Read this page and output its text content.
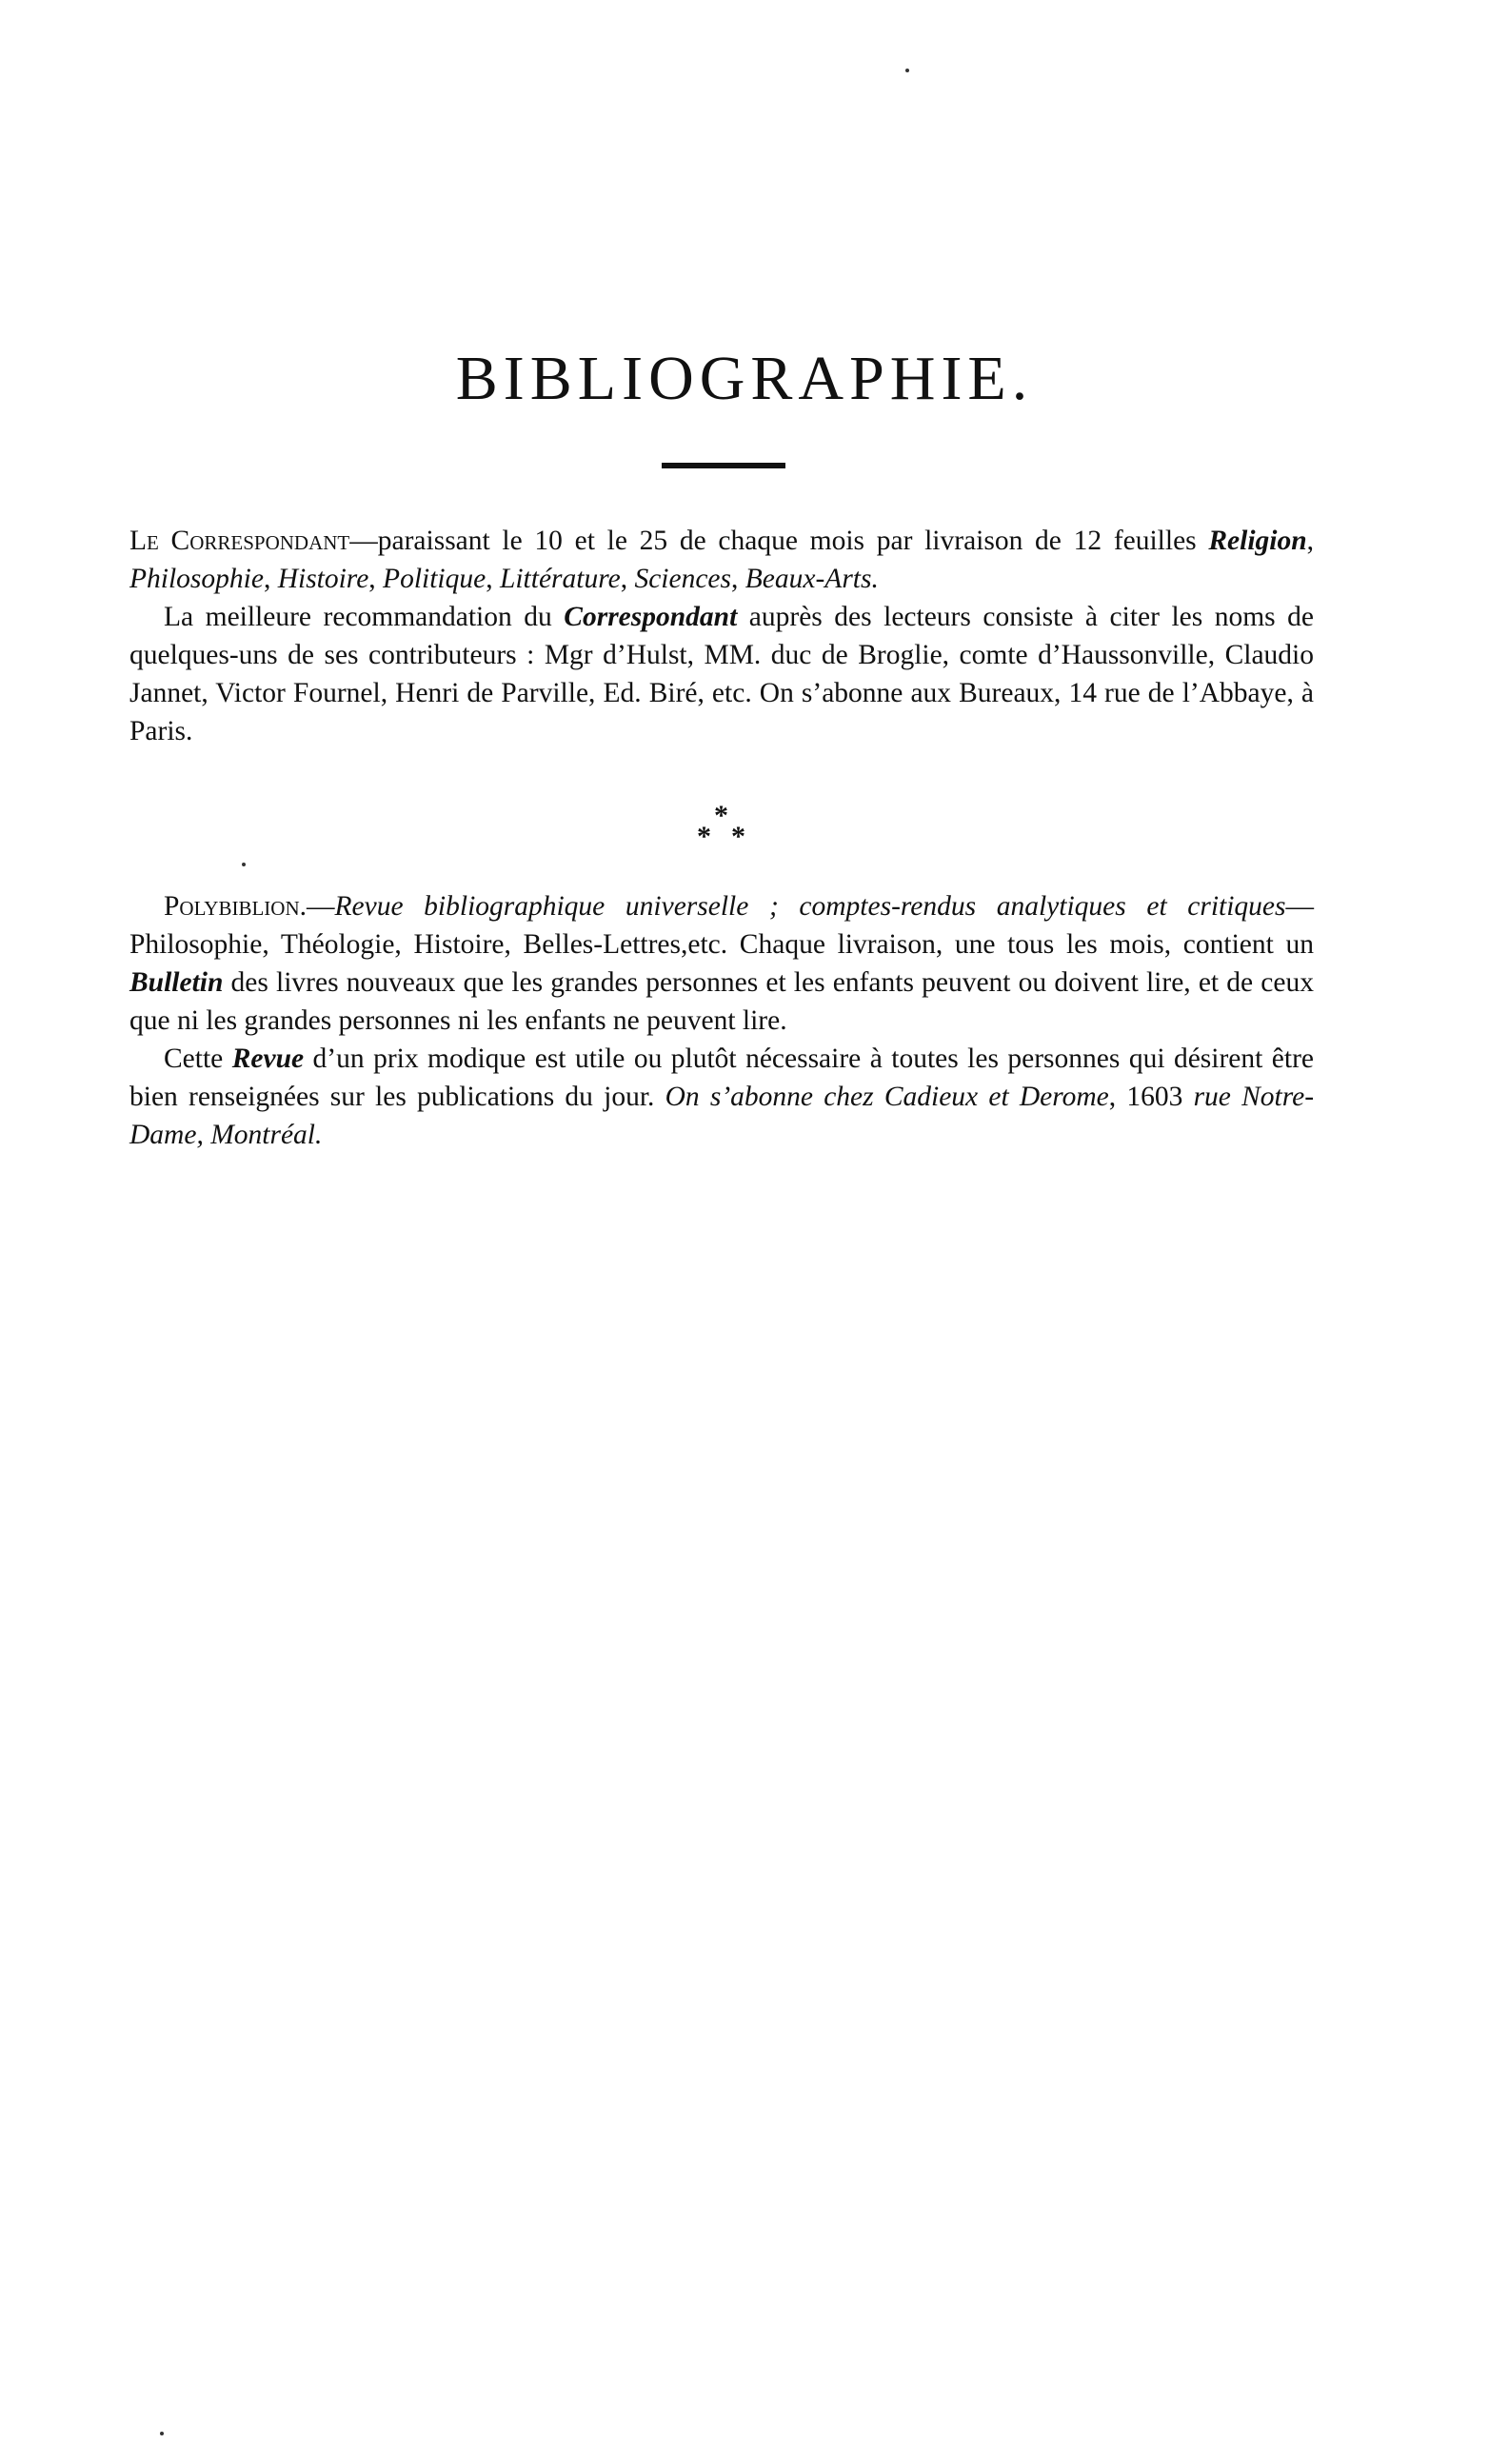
BIBLIOGRAPHIE.

Le Correspondant—paraissant le 10 et le 25 de chaque mois par livraison de 12 feuilles Religion, Philosophie, Histoire, Politique, Littérature, Sciences, Beaux-Arts.

La meilleure recommandation du Correspondant auprès des lecteurs consiste à citer les noms de quelques-uns de ses contributeurs : Mgr d’Hulst, MM. duc de Broglie, comte d’Haussonville, Claudio Jannet, Victor Fournel, Henri de Parville, Ed. Biré, etc. On s’abonne aux Bureaux, 14 rue de l’Abbaye, à Paris.

*
* *

Polybiblion.—Revue bibliographique universelle ; comptes-rendus analytiques et critiques—Philosophie, Théologie, Histoire, Belles-Lettres,etc. Chaque livraison, une tous les mois, contient un Bulletin des livres nouveaux que les grandes personnes et les enfants peuvent ou doivent lire, et de ceux que ni les grandes personnes ni les enfants ne peuvent lire.

Cette Revue d’un prix modique est utile ou plutôt nécessaire à toutes les personnes qui désirent être bien renseignées sur les publications du jour. On s’abonne chez Cadieux et Derome, 1603 rue Notre-Dame, Montréal.
